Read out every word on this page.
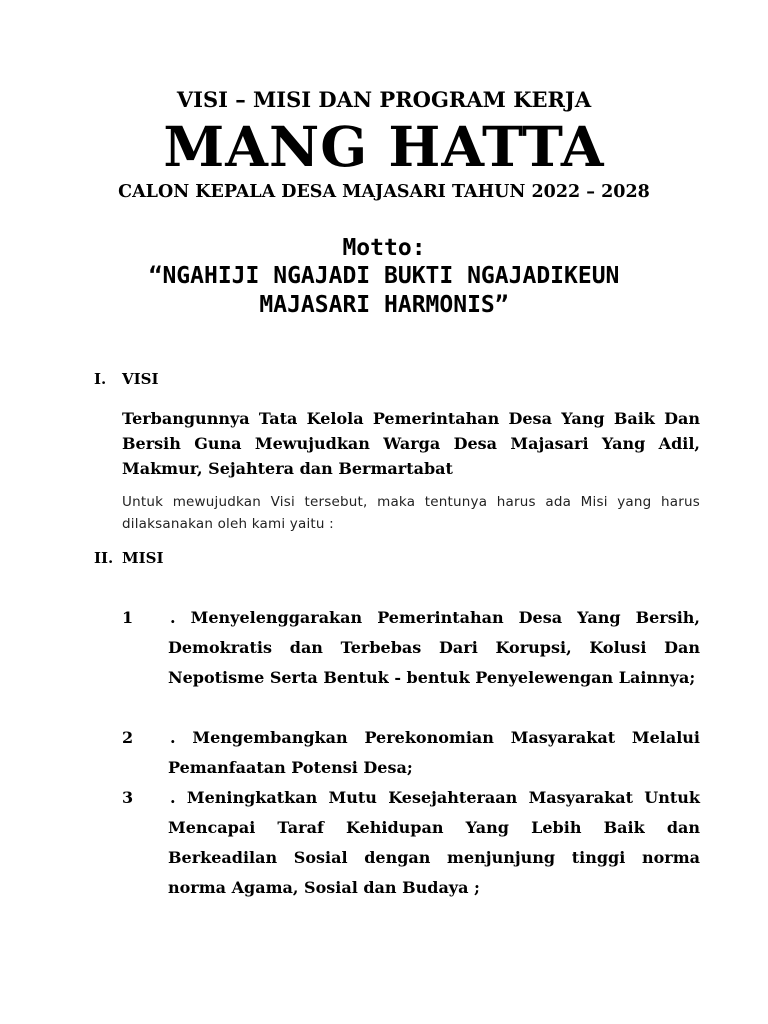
VISI – MISI DAN PROGRAM KERJA
MANG HATTA
CALON KEPALA DESA MAJASARI TAHUN 2022 – 2028
Motto:
“NGAHIJI NGAJADI BUKTI NGAJADIKEUN
MAJASARI HARMONIS”
I. VISI
Terbangunnya Tata Kelola Pemerintahan Desa Yang Baik Dan Bersih Guna Mewujudkan Warga Desa Majasari Yang Adil, Makmur, Sejahtera dan Bermartabat
Untuk mewujudkan Visi tersebut, maka tentunya harus ada Misi yang harus dilaksanakan oleh kami yaitu :
II. MISI
1 . Menyelenggarakan Pemerintahan Desa Yang Bersih, Demokratis dan Terbebas Dari Korupsi, Kolusi Dan Nepotisme Serta Bentuk - bentuk Penyelewengan Lainnya;
2 . Mengembangkan Perekonomian Masyarakat Melalui Pemanfaatan Potensi Desa;
3 . Meningkatkan Mutu Kesejahteraan Masyarakat Untuk Mencapai Taraf Kehidupan Yang Lebih Baik dan Berkeadilan Sosial dengan menjunjung tinggi norma norma Agama, Sosial dan Budaya ;
